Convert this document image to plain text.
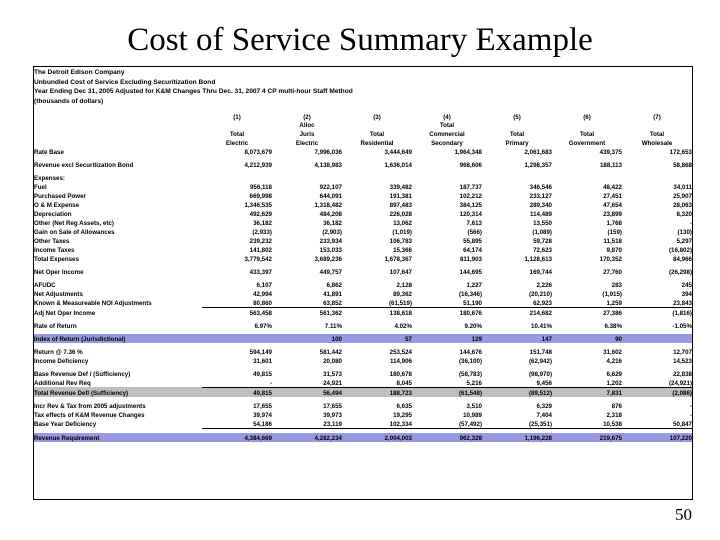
Cost of Service Summary Example
The Detroit Edison Company							
Unbundled Cost of Service Excluding Securitization Bond							
Year Ending Dec 31, 2005 Adjusted for K&M Changes Thru Dec. 31, 2007 4 CP multi-hour Staff Method							
(thousands of dollars)							

	(1)	(2)	(3)	(4)	(5)	(6)	(7)
		Alloc		Total			
	Total	Juris	Total	Commercial	Total	Total	Total
	Electric	Electric	Residential	Secondary	Primary	Government	Wholesale
Rate Base	8,073,679	7,996,036	3,444,649	1,964,348	2,061,683	439,375	172,653

Revenue excl Securitization Bond	4,212,939	4,138,983	1,636,014	968,606	1,298,357	188,113	58,868

Expenses:							
Fuel	956,118	922,107	339,482	187,737	346,546	48,422	34,011
Purchased Power	669,998	644,091	191,381	102,212	233,127	27,451	25,907
O & M Expense	1,346,535	1,318,482	897,483	384,125	289,340	47,654	28,063
Depreciation	492,629	484,208	226,028	120,314	114,489	23,899	8,320
Other (Net Reg Assets, etc)	36,182	36,182	13,062	7,613	13,550	1,768	-
Gain on Sale of Allowances	(2,933)	(2,903)	(1,019)	(566)	(1,089)	(159)	(130)
Other Taxes	239,232	233,934	106,783	55,895	59,728	11,518	5,297
Income Taxes	141,802	153,033	15,366	64,174	72,623	9,870	(16,802)
Total Expenses	3,779,542	3,689,236	1,678,367	811,903	1,128,613	170,352	84,966

Net Oper Income	433,397	449,757	107,647	144,695	169,744	27,760	(26,298)

AFUDC	6,107	6,862	2,128	1,227	2,226	283	245
Net Adjustments	42,994	41,891	89,362	(16,346)	(20,210)	(1,915)	394
Known & Measureable NOI Adjustments	80,860	63,852	(61,519)	51,190	62,923	1,259	23,843
Adj Net Oper Income	563,458	561,362	138,618	180,676	214,682	27,386	(1,816)

Rate of Return	6.97%	7.11%	4.02%	9.20%	10.41%	6.38%	-1.05%

Index of Return (Jurisdictional)		100	57	129	147	90	

Return @ 7.36 %	594,149	581,442	253,524	144,676	151,748	31,602	12,707
Income Deficiency	31,601	20,080	114,906	(36,100)	(62,942)	4,216	14,523

Base Revenue Def / (Sufficiency)	49,815	31,573	180,678	(58,783)	(98,970)	6,629	22,838
Additional Rev Req	-	24,921	8,045	5,216	9,456	1,202	(24,921)
Total Revenue Def/ (Sufficiency)	49,815	56,494	188,723	(61,548)	(89,512)	7,831	(2,086)

Incr Rev & Tax from 2005 adjustments	17,655	17,655	6,635	3,510	6,329	876	-
Tax effects of K&M Revenue Changes	39,974	39,973	19,295	10,989	7,404	2,318	-
Base Year Deficiency	54,186	23,119	102,334	(57,492)	(25,351)	10,538	50,847

Revenue Requirement	4,384,669	4,282,234	2,004,003	962,328	1,196,228	219,675	107,220
50
